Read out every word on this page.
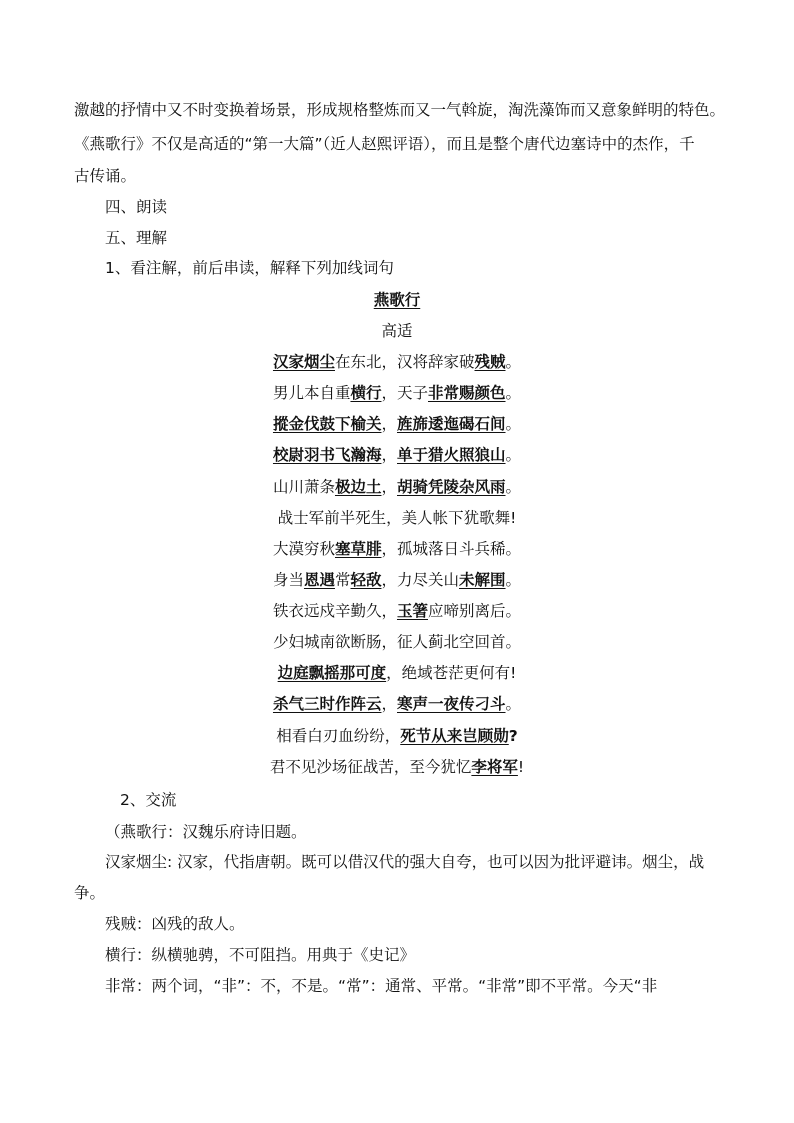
激越的抒情中又不时变换着场景，形成规格整炼而又一气斡旋，淘洗藻饰而又意象鲜明的特色。
《燕歌行》不仅是高适的“第一大篇”（近人赵熙评语），而且是整个唐代边塞诗中的杰作，千
古传诵。
四、朗读
五、理解
1、看注解，前后串读，解释下列加线词句
燕歌行
高适
汉家烟尘在东北，汉将辞家破残贼。
男儿本自重横行，天子非常赐颜色。
摐金伐鼓下榆关，旌旆逶迤碣石间。
校尉羽书飞瀚海，单于猎火照狼山。
山川萧条极边土，胡骑凭陵杂风雨。
战士军前半死生，美人帐下犹歌舞!
大漠穷秋塞草腓，孤城落日斗兵稀。
身当恩遇常轻敌，力尽关山未解围。
铁衣远戍辛勤久，玉箸应啼别离后。
少妇城南欲断肠，征人蓟北空回首。
边庭飘摇那可度，绝域苍茫更何有!
杀气三时作阵云，寒声一夜传刁斗。
相看白刃血纷纷，死节从来岂顾勋?
君不见沙场征战苦，至今犹忆李将军!
2、交流
（燕歌行：汉魏乐府诗旧题。
汉家烟尘: 汉家，代指唐朝。既可以借汉代的强大自夸，也可以因为批评避讳。烟尘，战
争。
残贼：凶残的敌人。
横行：纵横驰骋，不可阻挡。用典于《史记》
非常：两个词，“非”：不，不是。“常”：通常、平常。“非常”即不平常。今天“非
